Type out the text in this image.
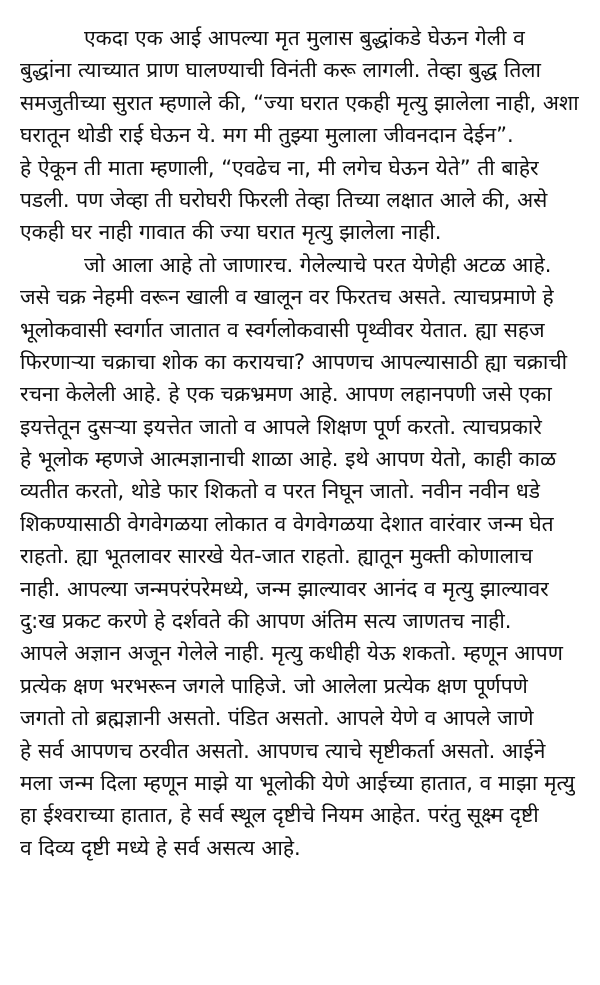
एकदा एक आई आपल्या मृत मुलास बुद्धांकडे घेऊन गेली व
बुद्धांना त्याच्यात प्राण घालण्याची विनंती करू लागली. तेव्हा बुद्ध तिला
समजुतीच्या सुरात म्हणाले की, “ज्या घरात एकही मृत्यु झालेला नाही, अशा
घरातून थोडी राई घेऊन ये. मग मी तुझ्या मुलाला जीवनदान देईन”.
हे ऐकून ती माता म्हणाली, “एवढेच ना, मी लगेच घेऊन येते” ती बाहेर
पडली. पण जेव्हा ती घरोघरी फिरली तेव्हा तिच्या लक्षात आले की, असे
एकही घर नाही गावात की ज्या घरात मृत्यु झालेला नाही.
जो आला आहे तो जाणारच. गेलेल्याचे परत येणेही अटळ आहे.
जसे चक्र नेहमी वरून खाली व खालून वर फिरतच असते. त्याचप्रमाणे हे
भूलोकवासी स्वर्गात जातात व स्वर्गलोकवासी पृथ्वीवर येतात. ह्या सहज
फिरणाऱ्या चक्राचा शोक का करायचा? आपणच आपल्यासाठी ह्या चक्राची
रचना केलेली आहे. हे एक चक्रभ्रमण आहे. आपण लहानपणी जसे एका
इयत्तेतून दुसऱ्या इयत्तेत जातो व आपले शिक्षण पूर्ण करतो. त्याचप्रकारे
हे भूलोक म्हणजे आत्मज्ञानाची शाळा आहे. इथे आपण येतो, काही काळ
व्यतीत करतो, थोडे फार शिकतो व परत निघून जातो. नवीन नवीन धडे
शिकण्यासाठी वेगवेगळया लोकात व वेगवेगळया देशात वारंवार जन्म घेत
राहतो. ह्या भूतलावर सारखे येत-जात राहतो. ह्यातून मुक्ती कोणालाच
नाही. आपल्या जन्मपरंपरेमध्ये, जन्म झाल्यावर आनंद व मृत्यु झाल्यावर
दु:ख प्रकट करणे हे दर्शवते की आपण अंतिम सत्य जाणतच नाही.
आपले अज्ञान अजून गेलेले नाही. मृत्यु कधीही येऊ शकतो. म्हणून आपण
प्रत्येक क्षण भरभरून जगले पाहिजे. जो आलेला प्रत्येक क्षण पूर्णपणे
जगतो तो ब्रह्मज्ञानी असतो. पंडित असतो. आपले येणे व आपले जाणे
हे सर्व आपणच ठरवीत असतो. आपणच त्याचे सृष्टीकर्ता असतो. आईने
मला जन्म दिला म्हणून माझे या भूलोकी येणे आईच्या हातात, व माझा मृत्यु
हा ईश्वराच्या हातात, हे सर्व स्थूल दृष्टीचे नियम आहेत. परंतु सूक्ष्म दृष्टी
व दिव्य दृष्टी मध्ये हे सर्व असत्य आहे.
